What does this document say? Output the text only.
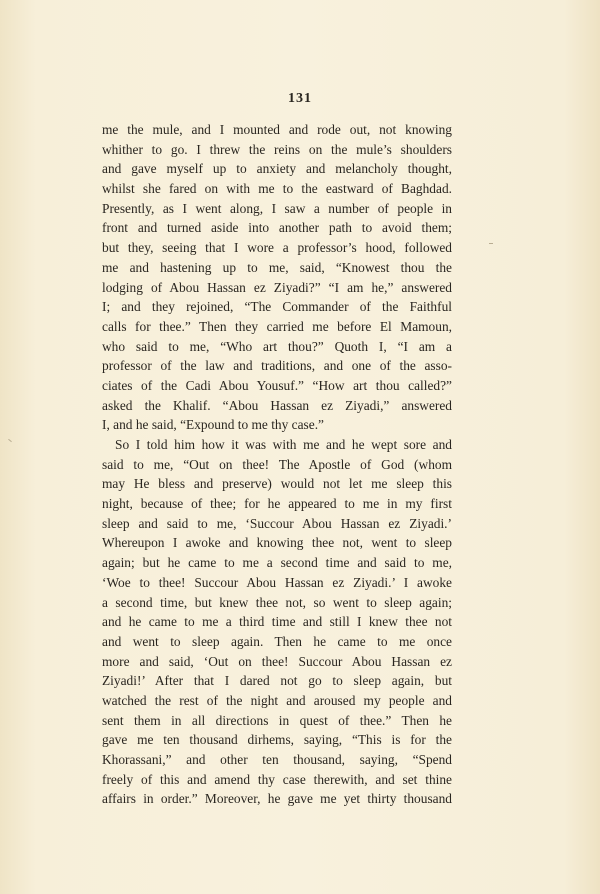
131
me the mule, and I mounted and rode out, not knowing
whither to go. I threw the reins on the mule’s shoulders
and gave myself up to anxiety and melancholy thought,
whilst she fared on with me to the eastward of Baghdad.
Presently, as I went along, I saw a number of people in
front and turned aside into another path to avoid them;
but they, seeing that I wore a professor’s hood, followed
me and hastening up to me, said, “Knowest thou the
lodging of Abou Hassan ez Ziyadi?” “I am he,” answered
I; and they rejoined, “The Commander of the Faithful
calls for thee.” Then they carried me before El Mamoun,
who said to me, “Who art thou?” Quoth I, “I am a
professor of the law and traditions, and one of the asso-
ciates of the Cadi Abou Yousuf.” “How art thou called?”
asked the Khalif. “Abou Hassan ez Ziyadi,” answered
I, and he said, “Expound to me thy case.”
So I told him how it was with me and he wept sore and
said to me, “Out on thee! The Apostle of God (whom
may He bless and preserve) would not let me sleep this
night, because of thee; for he appeared to me in my first
sleep and said to me, ‘Succour Abou Hassan ez Ziyadi.’
Whereupon I awoke and knowing thee not, went to sleep
again; but he came to me a second time and said to me,
‘Woe to thee! Succour Abou Hassan ez Ziyadi.’ I awoke
a second time, but knew thee not, so went to sleep again;
and he came to me a third time and still I knew thee not
and went to sleep again. Then he came to me once
more and said, ‘Out on thee! Succour Abou Hassan ez
Ziyadi!’ After that I dared not go to sleep again, but
watched the rest of the night and aroused my people and
sent them in all directions in quest of thee.” Then he
gave me ten thousand dirhems, saying, “This is for the
Khorassani,” and other ten thousand, saying, “Spend
freely of this and amend thy case therewith, and set thine
affairs in order.” Moreover, he gave me yet thirty thousand
